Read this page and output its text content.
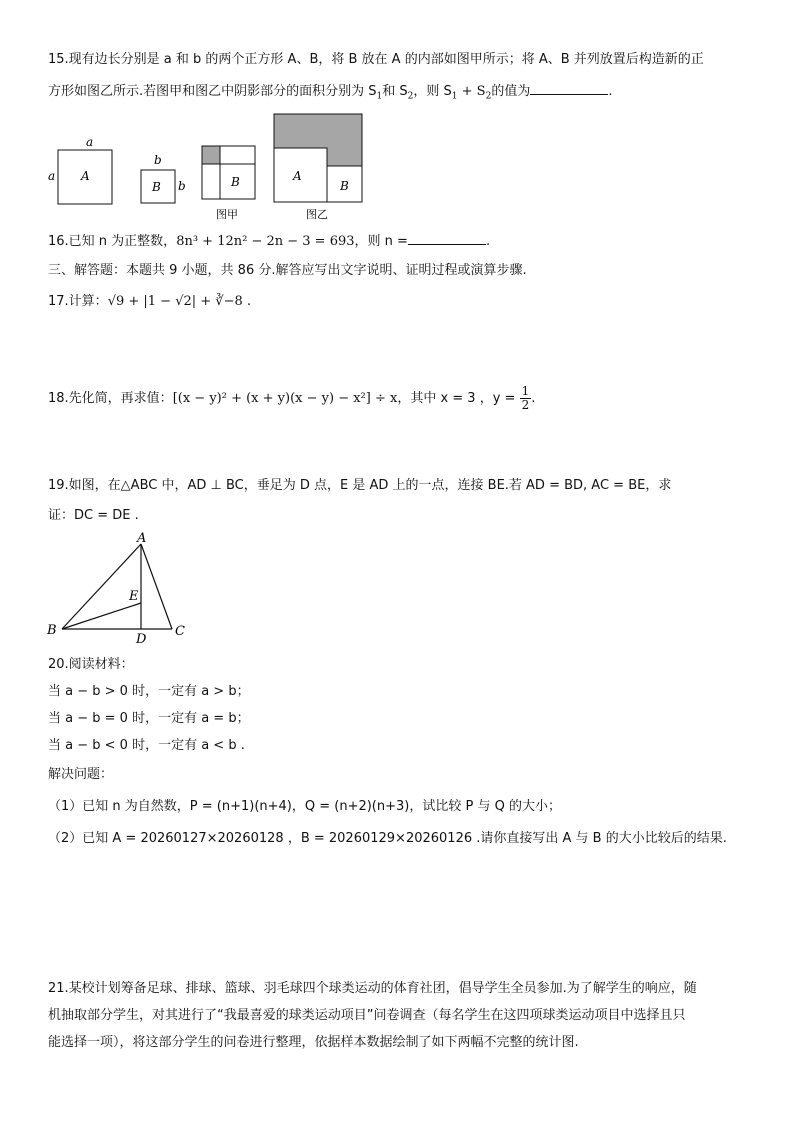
15.现有边长分别是 a 和 b 的两个正方形 A、B，将 B 放在 A 的内部如图甲所示；将 A、B 并列放置后构造新的正
方形如图乙所示.若图甲和图乙中阴影部分的面积分别为 $S_1$和 $S_2$，则 $S_1 + S_2$的值为	.
a
a A
b
B b	B
图甲
A
B
图乙
16.已知 n 为正整数，8n³ + 12n² − 2n − 3 = 693，则 n =	.
三、解答题：本题共 9 小题，共 86 分.解答应写出文字说明、证明过程或演算步骤.
17.计算：√9 + |1 − √2| + ∛−8 .
18.先化简，再求值：[(x − y)² + (x + y)(x − y) − x²] ÷ x，其中 x = 3 ，$y = \frac{1}{2}$ .
19.如图，在△ABC 中，AD ⊥ BC，垂足为 D 点，E 是 AD 上的一点，连接 BE.若 AD = BD, AC = BE，求
证：DC = DE .
A
E
B
D
C
20.阅读材料：
当 a − b > 0 时，一定有 a > b；
当 a − b = 0 时，一定有 a = b；
当 a − b < 0 时，一定有 a < b .
解决问题：
（1）已知 n 为自然数，P = (n+1)(n+4)，Q = (n+2)(n+3)，试比较 P 与 Q 的大小；
（2）已知 A = 20260127×20260128 ，B = 20260129×20260126 .请你直接写出 A 与 B 的大小比较后的结果.
21.某校计划筹备足球、排球、篮球、羽毛球四个球类运动的体育社团，倡导学生全员参加.为了解学生的响应，随
机抽取部分学生，对其进行了“我最喜爱的球类运动项目”问卷调查（每名学生在这四项球类运动项目中选择且只
能选择一项），将这部分学生的问卷进行整理，依据样本数据绘制了如下两幅不完整的统计图.
